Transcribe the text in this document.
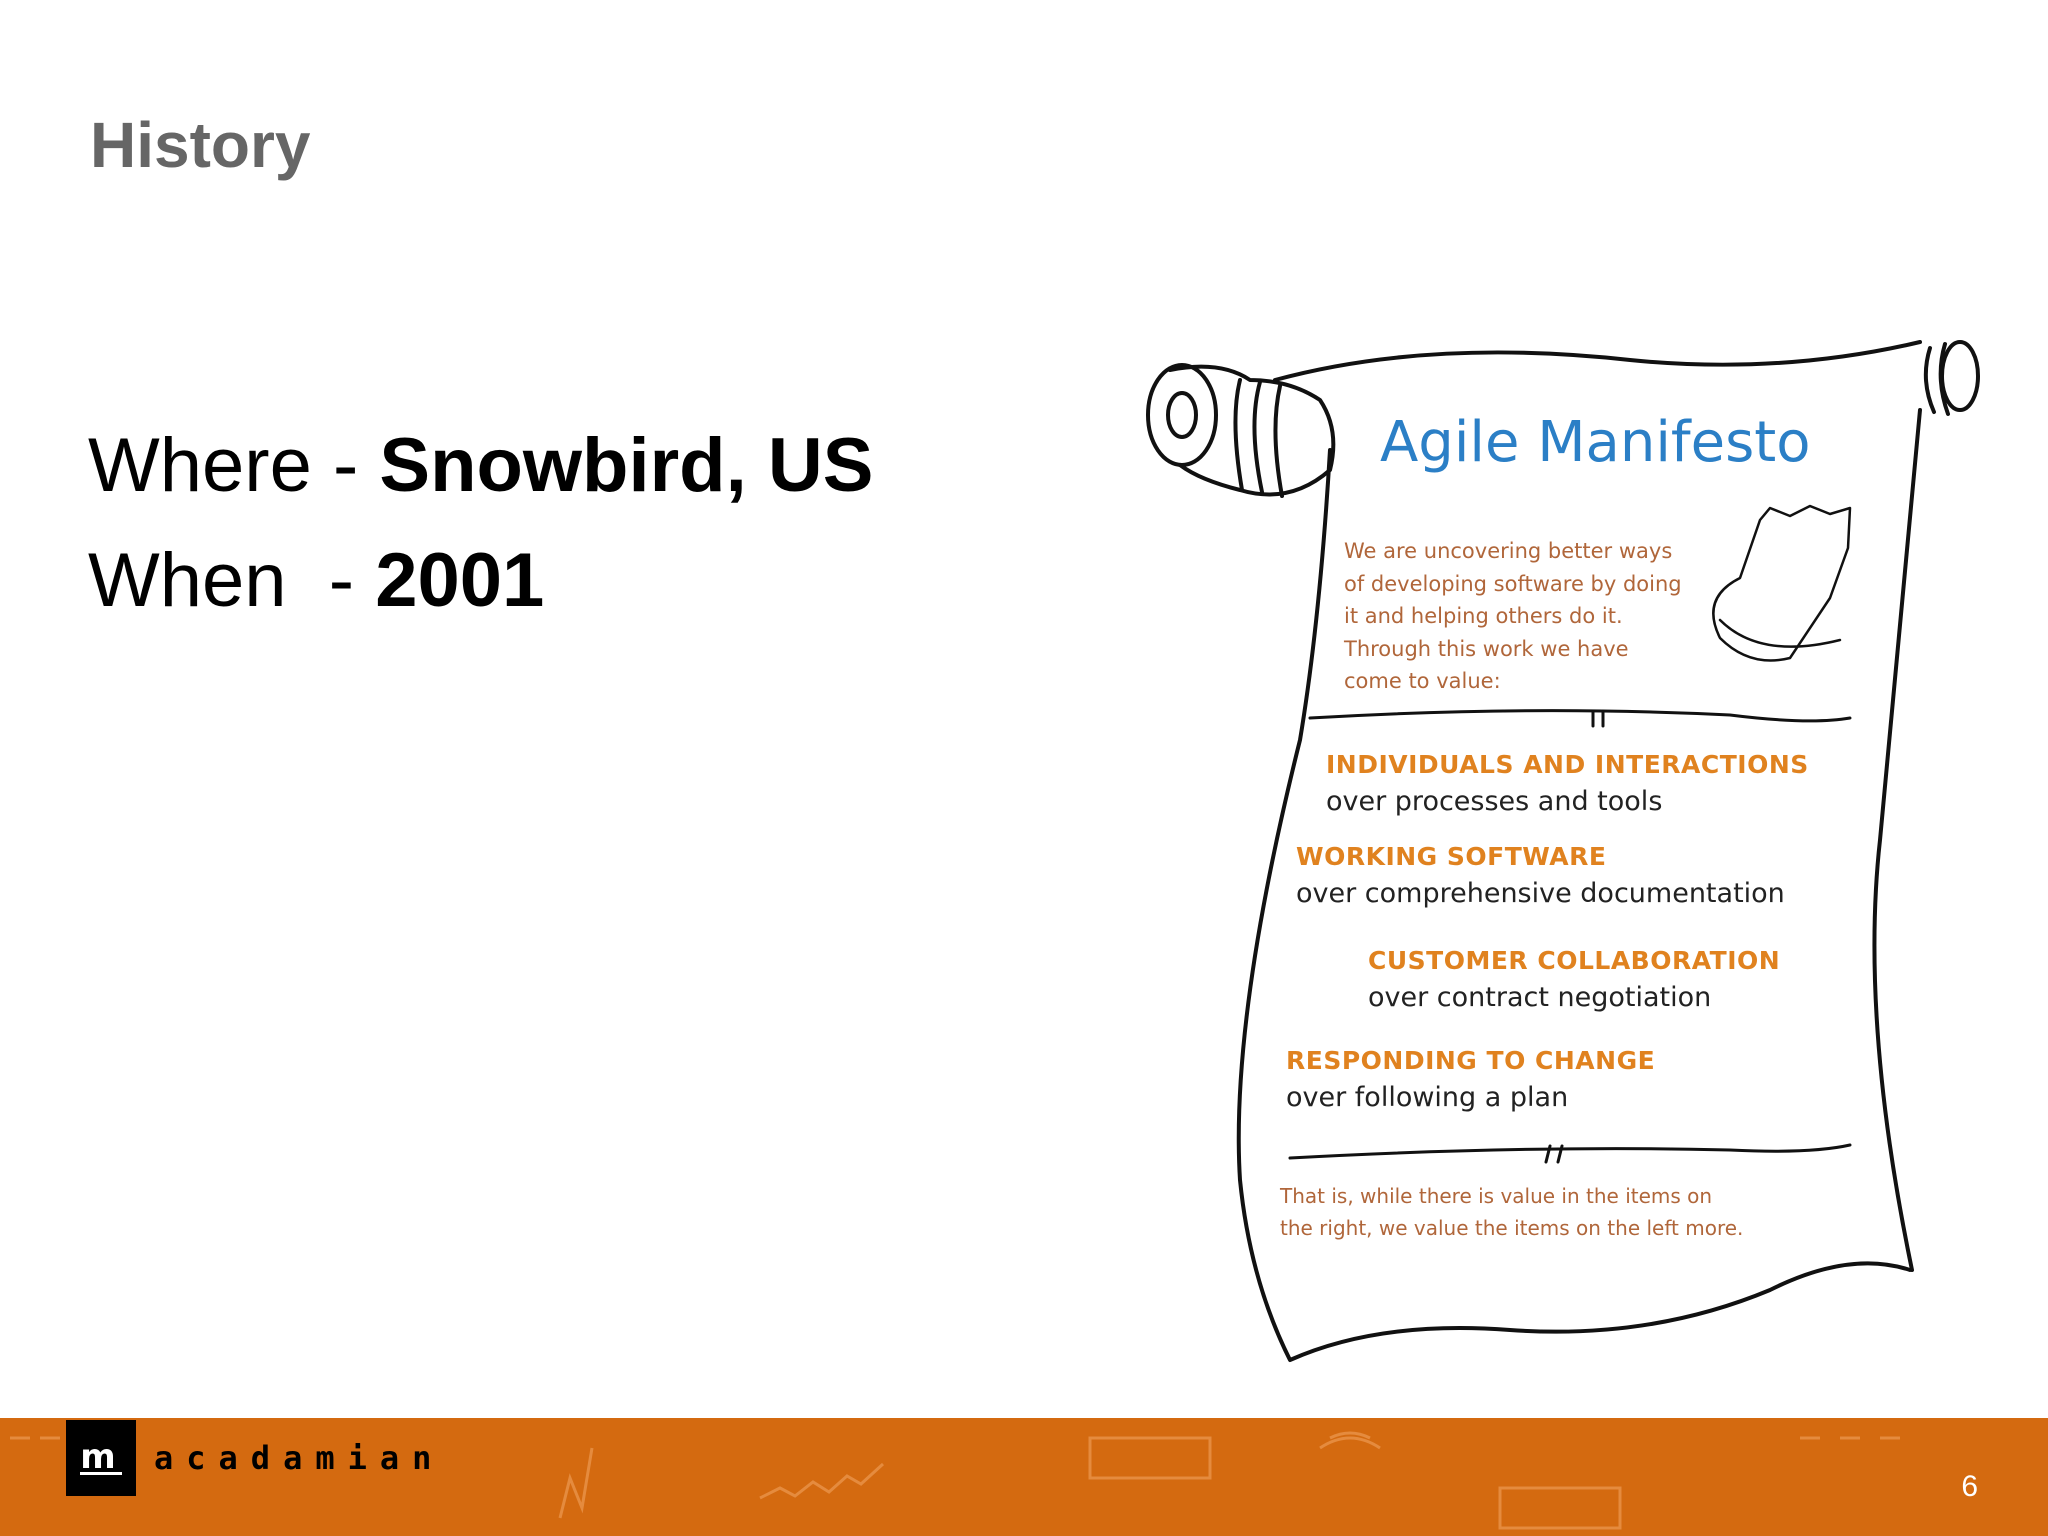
History
Where - Snowbird, US
When  - 2001
Agile Manifesto
We are uncovering better ways
of developing software by doing
it and helping others do it.
Through this work we have
come to value:
INDIVIDUALS AND INTERACTIONS
over processes and tools
WORKING SOFTWARE
over comprehensive documentation
CUSTOMER COLLABORATION
over contract negotiation
RESPONDING TO CHANGE
over following a plan
That is, while there is value in the items on
the right, we value the items on the left more.
m	acadamian
6
